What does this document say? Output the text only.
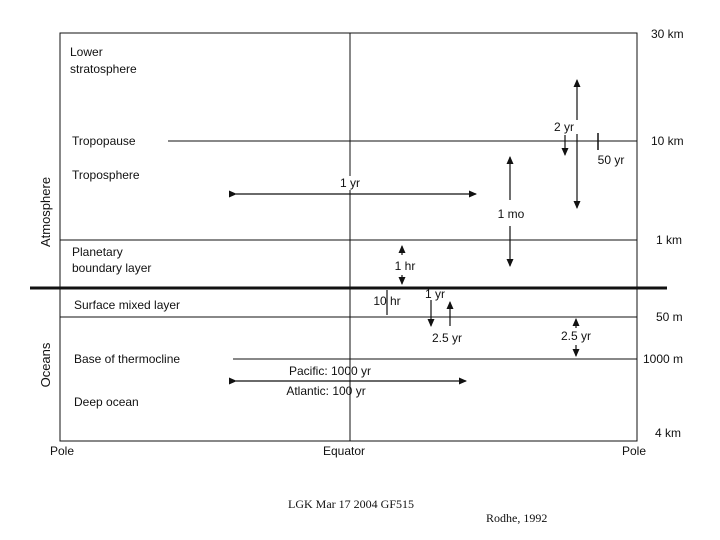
Atmosphere
Oceans
Lower
stratosphere
Tropopause
Troposphere
Planetary
boundary layer
Surface mixed layer
Base of thermocline
Deep ocean
30 km
10 km
1 km
50 m
1000 m
4 km
Pole	Equator	Pole
1 yr
1 mo
2 yr
50 yr
1 hr
10 hr 1 yr
2.5 yr	2.5 yr
Pacific: 1000 yr
Atlantic: 100 yr
LGK Mar 17 2004 GF515
Rodhe, 1992
